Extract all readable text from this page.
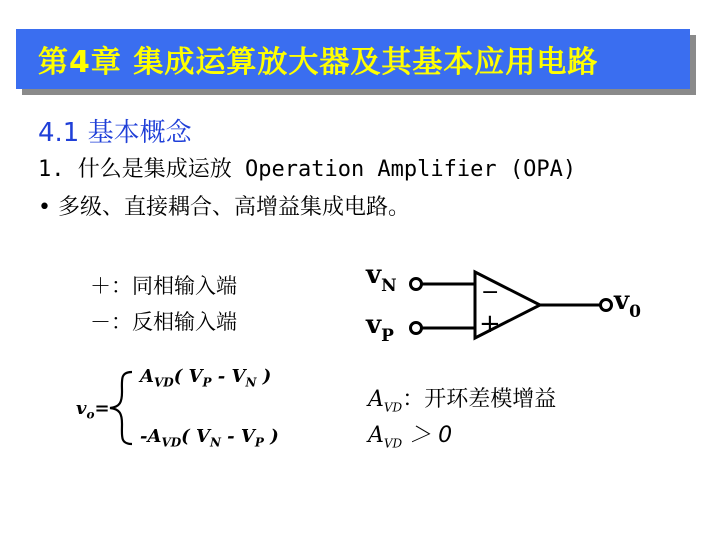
第4章 集成运算放大器及其基本应用电路
4.1 基本概念
1. 什么是集成运放 Operation Amplifier (OPA)
• 多级、直接耦合、高增益集成电路。
＋：同相输入端
－：反相输入端
−
+
$v_N$
$v_P$
$v_0$
$v_o=$
$A_{VD}$( $V_P - V_N$ )
$-A_{VD}$( $V_N - V_P$ )
$A_{VD}$：开环差模增益
$A_{VD} > 0$
